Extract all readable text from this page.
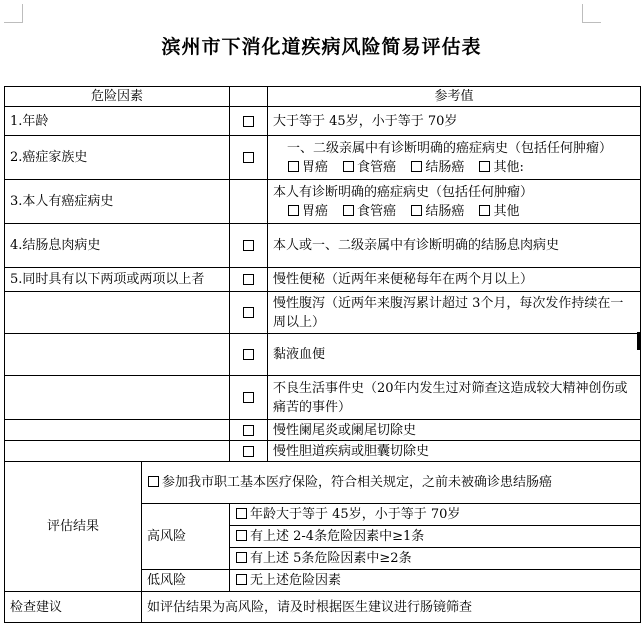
滨州市下消化道疾病风险简易评估表
危险因素			参考值
1.年龄			大于等于 45岁，小于等于 70岁
2.癌症家族史			一、二级亲属中有诊断明确的癌症病史（包括任何肿瘤）
胃癌 食管癌 结肠癌 其他:

3.本人有癌症病史			本人有诊断明确的癌症病史（包括任何肿瘤）
胃癌 食管癌 结肠癌 其他

4.结肠息肉病史			本人或一、二级亲属中有诊断明确的结肠息肉病史
5.同时具有以下两项或两项以上者			慢性便秘（近两年来便秘每年在两个月以上）
			慢性腹泻（近两年来腹泻累计超过 3个月，每次发作持续在一周以上）
			黏液血便
			不良生活事件史（20年内发生过对筛查这造成较大精神创伤或痛苦的事件）
			慢性阑尾炎或阑尾切除史
			慢性胆道疾病或胆囊切除史
评估结果	参加我市职工基本医疗保险，符合相关规定，之前未被确诊患结肠癌		
	高风险	年龄大于等于 45岁，小于等于 70岁	
		有上述 2-4条危险因素中≥1条	
		有上述 5条危险因素中≥2条	
	低风险	无上述危险因素	
检查建议	如评估结果为高风险，请及时根据医生建议进行肠镜筛查		
